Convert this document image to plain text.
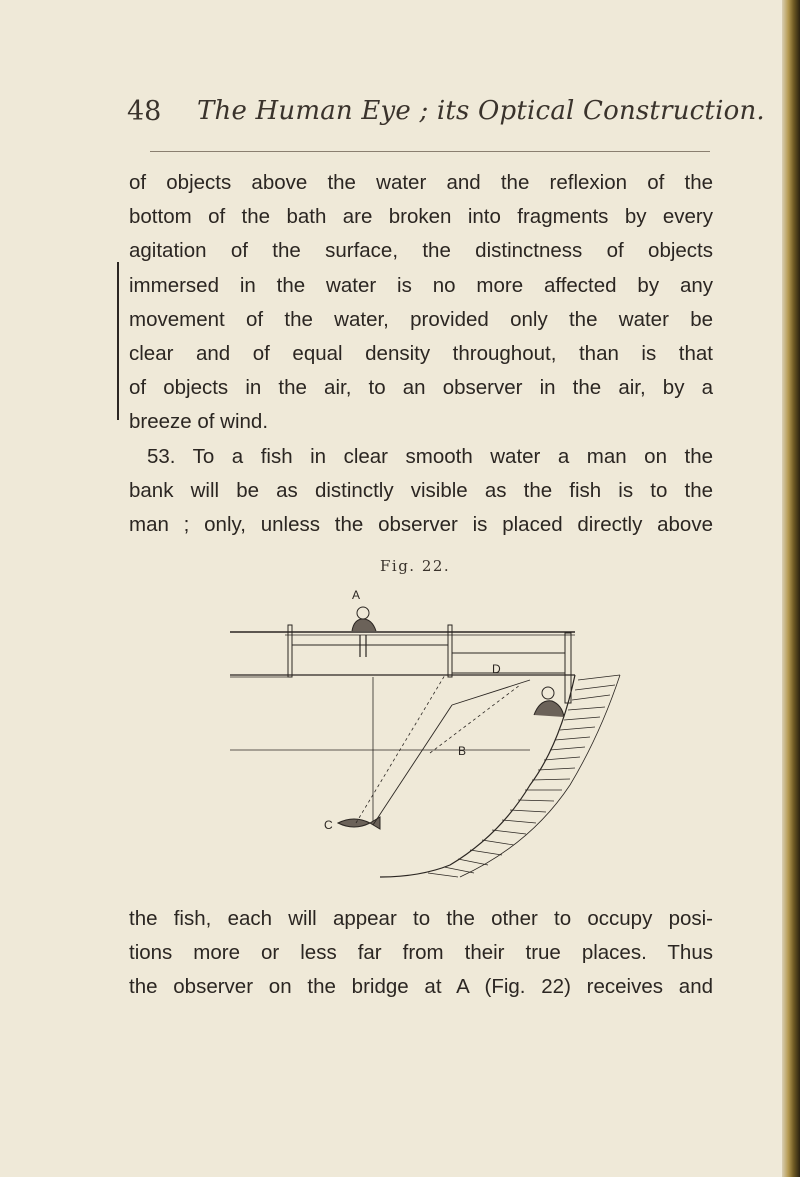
48 The Human Eye ; its Optical Construction.
of objects above the water and the reflexion of the
bottom of the bath are broken into fragments by every
agitation of the surface, the distinctness of objects
immersed in the water is no more affected by any
movement of the water, provided only the water be
clear and of equal density throughout, than is that
of objects in the air, to an observer in the air, by a
breeze of wind.
53. To a fish in clear smooth water a man on the
bank will be as distinctly visible as the fish is to the
man ; only, unless the observer is placed directly above
Fig. 22.
A
B
C
D
the fish, each will appear to the other to occupy posi-
tions more or less far from their true places. Thus
the observer on the bridge at A (Fig. 22) receives and
